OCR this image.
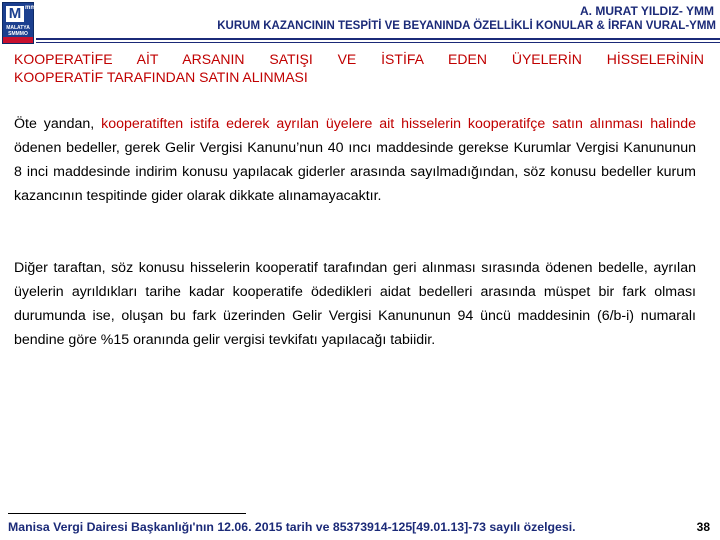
M mm
MALATYA SMMMO
A. MURAT YILDIZ- YMM
KURUM KAZANCININ TESPİTİ VE BEYANINDA ÖZELLİKLİ KONULAR & İRFAN VURAL-YMM
KOOPERATİFE AİT ARSANIN SATIŞI VE İSTİFA EDEN ÜYELERİN HİSSELERİNİN
KOOPERATİF TARAFINDAN SATIN ALINMASI
Öte yandan, kooperatiften istifa ederek ayrılan üyelere ait hisselerin kooperatifçe satın alınması halinde ödenen bedeller, gerek Gelir Vergisi Kanunu’nun 40 ıncı maddesinde gerekse Kurumlar Vergisi Kanununun 8 inci maddesinde indirim konusu yapılacak giderler arasında sayılmadığından, söz konusu bedeller kurum kazancının tespitinde gider olarak dikkate alınamayacaktır.
Diğer taraftan, söz konusu hisselerin kooperatif tarafından geri alınması sırasında ödenen bedelle, ayrılan üyelerin ayrıldıkları tarihe kadar kooperatife ödedikleri aidat bedelleri arasında müspet bir fark olması durumunda ise, oluşan bu fark üzerinden Gelir Vergisi Kanununun 94 üncü maddesinin (6/b-i) numaralı bendine göre %15 oranında gelir vergisi tevkifatı yapılacağı tabiidir.
Manisa Vergi Dairesi Başkanlığı'nın 12.06. 2015 tarih ve 85373914-125[49.01.13]-73 sayılı özelgesi.	38
